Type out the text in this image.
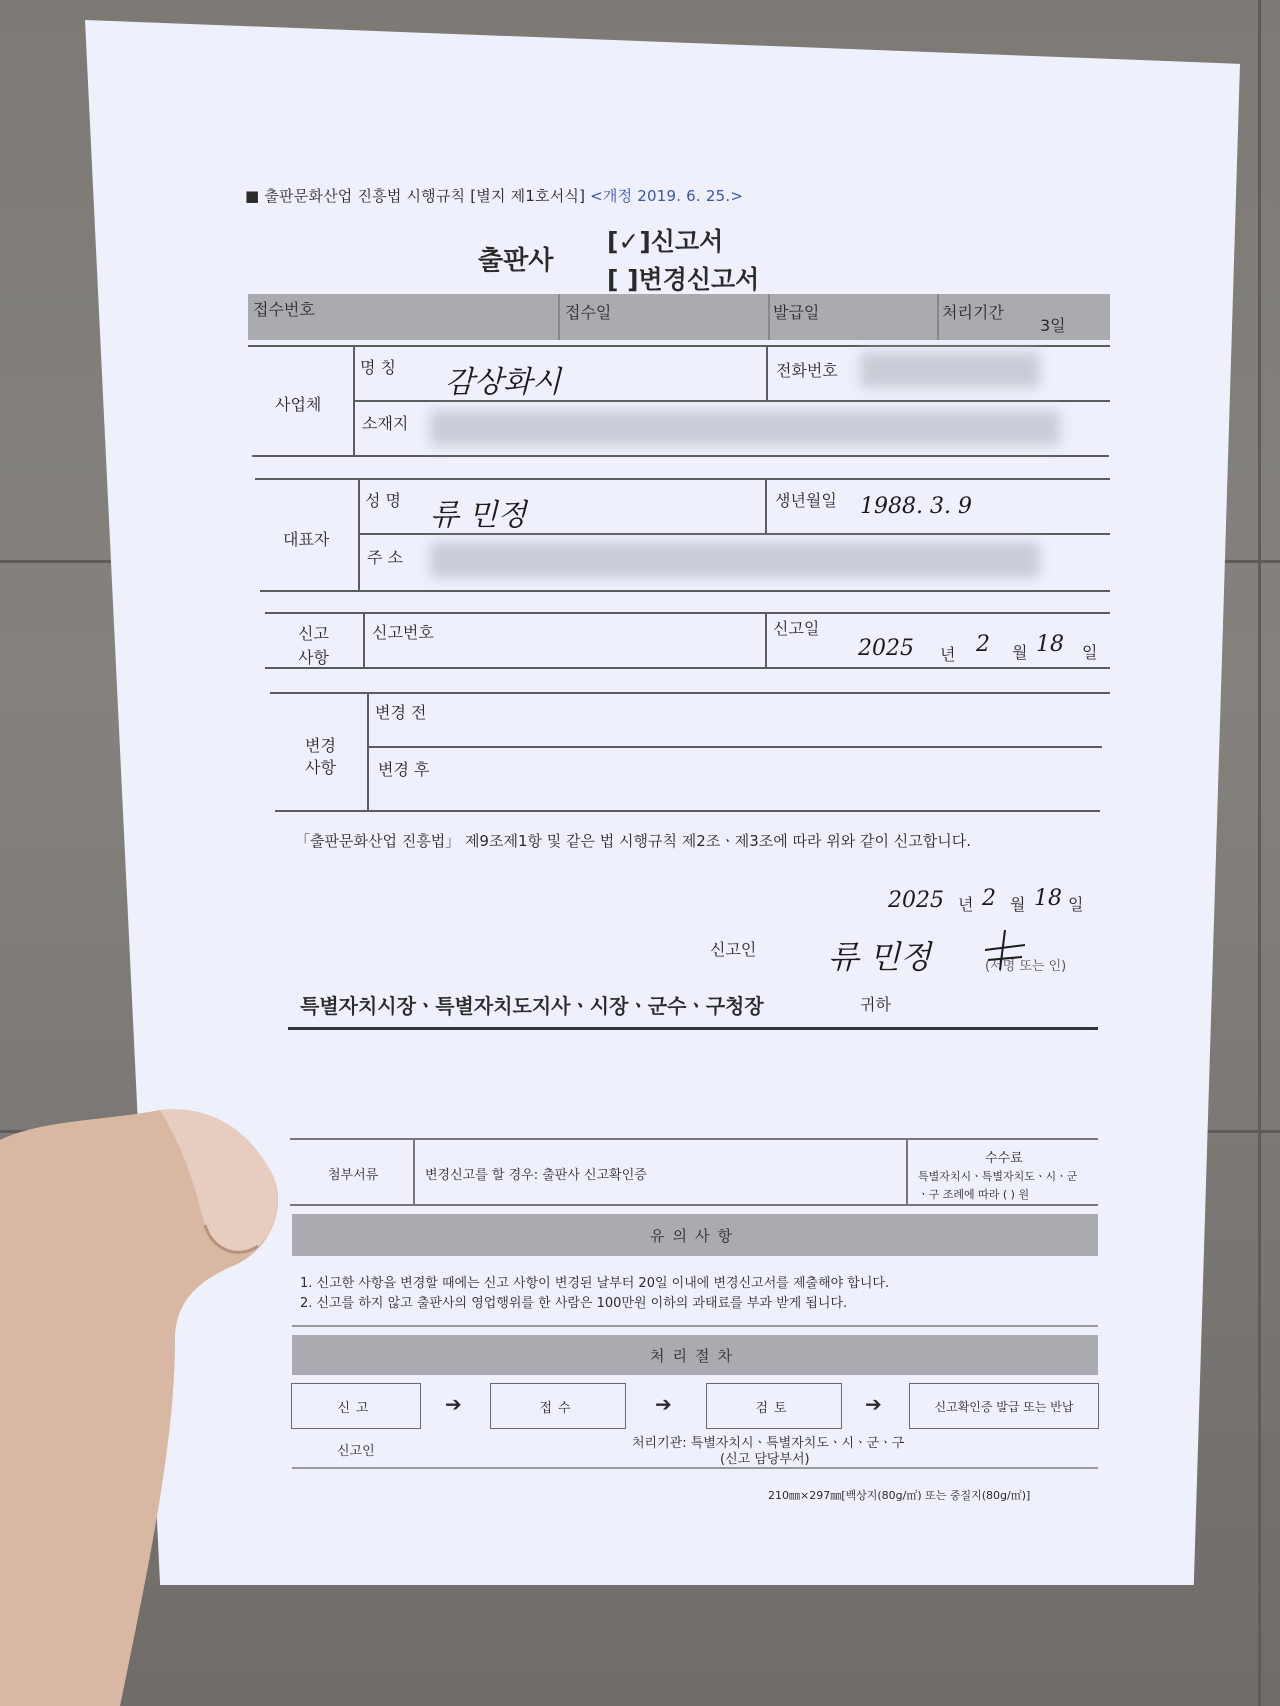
■ 출판문화산업 진흥법 시행규칙 [별지 제1호서식] <개정 2019. 6. 25.>
출판사
[✓]신고서
[ ]변경신고서
접수번호	접수일	발급일	처리기간
3일
사업체
명 칭 감상화시	전화번호
소재지
대표자
성 명 류 민정	생년월일 1988. 3. 9
주 소
신고
사항
신고번호	신고일
2025 년 2 월 18 일
변경
사항
변경 전
변경 후
「출판문화산업 진흥법」 제9조제1항 및 같은 법 시행규칙 제2조ㆍ제3조에 따라 위와 같이 신고합니다.
2025 년 2 월 18 일
신고인 류 민정	(서명 또는 인)
특별자치시장ㆍ특별자치도지사ㆍ시장ㆍ군수ㆍ구청장	귀하
첨부서류	변경신고를 할 경우: 출판사 신고확인증
수수료
특별자치시ㆍ특별자치도ㆍ시ㆍ군
ㆍ구 조례에 따라 ( ) 원
유의사항
1. 신고한 사항을 변경할 때에는 신고 사항이 변경된 날부터 20일 이내에 변경신고서를 제출해야 합니다.
2. 신고를 하지 않고 출판사의 영업행위를 한 사람은 100만원 이하의 과태료를 부과 받게 됩니다.
처리절차
신고	➔	접수	➔	검토	➔	신고확인증 발급 또는 반납
신고인
처리기관: 특별자치시ㆍ특별자치도ㆍ시ㆍ군ㆍ구
(신고 담당부서)
210㎜×297㎜[백상지(80g/㎡) 또는 중질지(80g/㎡)]
